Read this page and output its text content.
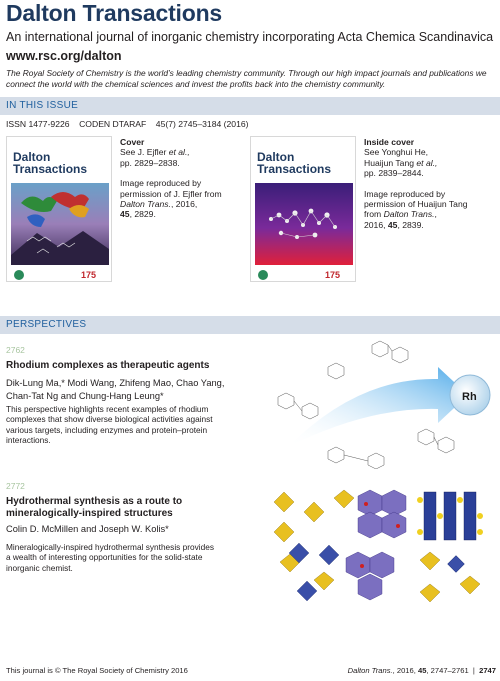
Dalton Transactions
An international journal of inorganic chemistry incorporating Acta Chemica Scandinavica
www.rsc.org/dalton
The Royal Society of Chemistry is the world’s leading chemistry community. Through our high impact journals and publications we
connect the world with the chemical sciences and invest the profits back into the chemistry community.
IN THIS ISSUE
ISSN 1477-9226    CODEN DTARAF    45(7) 2745–3184 (2016)
Dalton
Transactions
175
Cover
See J. Ejfler et al.,
pp. 2829–2838.
Image reproduced by
permission of J. Ejfler from
Dalton Trans., 2016,
45, 2829.
Dalton
Transactions
175
Inside cover
See Yonghui He,
Huaijun Tang et al.,
pp. 2839–2844.
Image reproduced by
permission of Huaijun Tang
from Dalton Trans.,
2016, 45, 2839.
PERSPECTIVES
2762
Rhodium complexes as therapeutic agents
Dik-Lung Ma,* Modi Wang, Zhifeng Mao, Chao Yang,
Chan-Tat Ng and Chung-Hang Leung*
This perspective highlights recent examples of rhodium
complexes that show diverse biological activities against
various targets, including enzymes and protein–protein
interactions.
Rh
2772
Hydrothermal synthesis as a route to
mineralogically-inspired structures
Colin D. McMillen and Joseph W. Kolis*
Mineralogically-inspired hydrothermal synthesis provides
a wealth of interesting opportunities for the solid-state
inorganic chemist.
This journal is © The Royal Society of Chemistry 2016	Dalton Trans., 2016, 45, 2747–2761  |  2747
